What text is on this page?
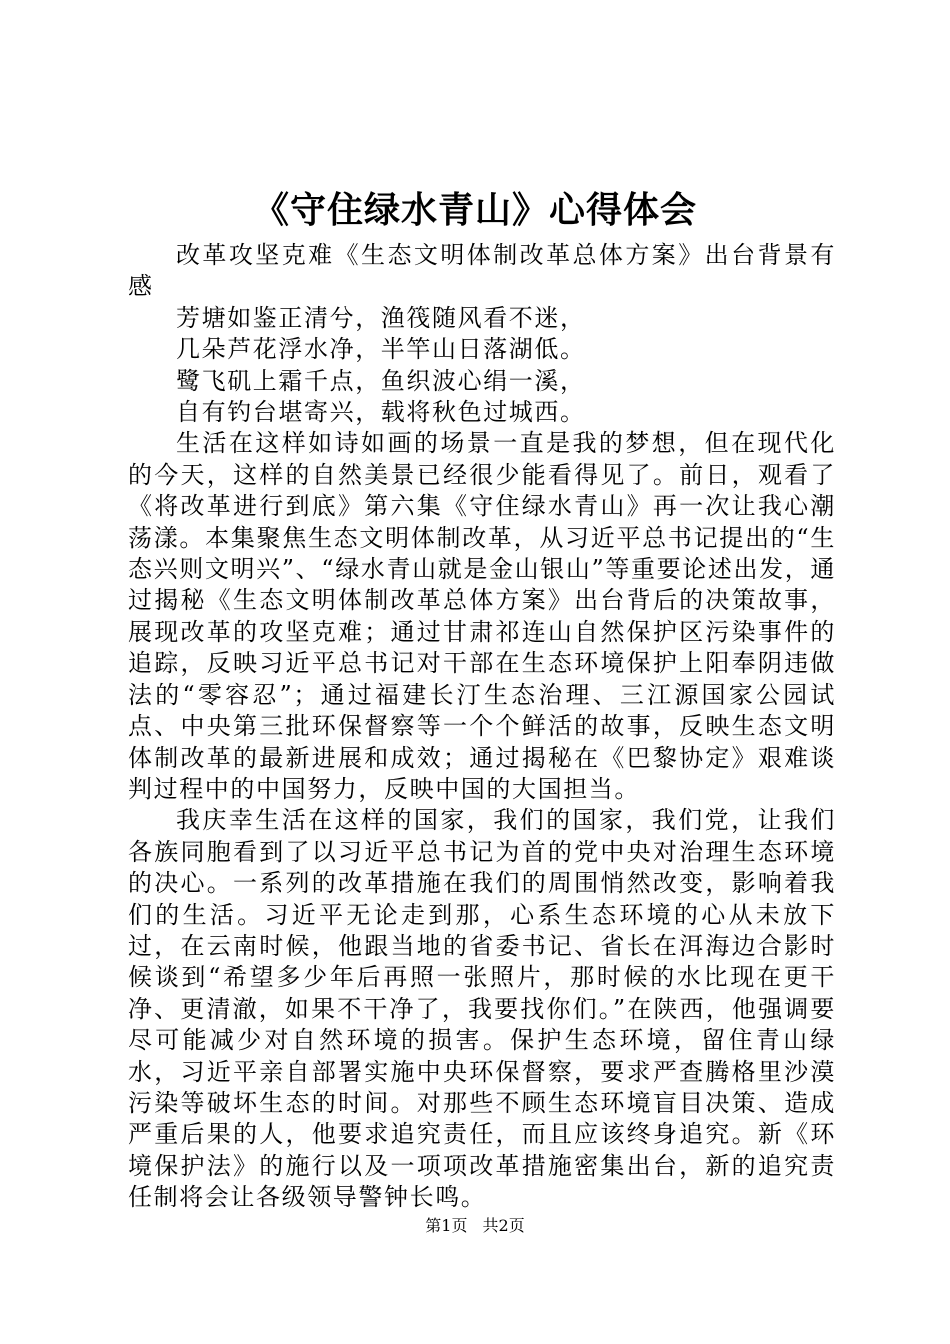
《守住绿水青山》心得体会

改革攻坚克难《生态文明体制改革总体方案》出台背景有感

芳塘如鉴正清兮，渔筏随风看不迷，

几朵芦花浮水净，半竿山日落湖低。

鹭飞矶上霜千点，鱼织波心绢一溪，

自有钓台堪寄兴，载将秋色过城西。

生活在这样如诗如画的场景一直是我的梦想，但在现代化的今天，这样的自然美景已经很少能看得见了。前日，观看了《将改革进行到底》第六集《守住绿水青山》再一次让我心潮荡漾。本集聚焦生态文明体制改革，从习近平总书记提出的“生态兴则文明兴”、“绿水青山就是金山银山”等重要论述出发，通过揭秘《生态文明体制改革总体方案》出台背后的决策故事，展现改革的攻坚克难；通过甘肃祁连山自然保护区污染事件的追踪，反映习近平总书记对干部在生态环境保护上阳奉阴违做法的“零容忍”；通过福建长汀生态治理、三江源国家公园试点、中央第三批环保督察等一个个鲜活的故事，反映生态文明体制改革的最新进展和成效；通过揭秘在《巴黎协定》艰难谈判过程中的中国努力，反映中国的大国担当。

我庆幸生活在这样的国家，我们的国家，我们党，让我们各族同胞看到了以习近平总书记为首的党中央对治理生态环境的决心。一系列的改革措施在我们的周围悄然改变，影响着我们的生活。习近平无论走到那，心系生态环境的心从未放下过，在云南时候，他跟当地的省委书记、省长在洱海边合影时候谈到“希望多少年后再照一张照片，那时候的水比现在更干净、更清澈，如果不干净了，我要找你们。”在陕西，他强调要尽可能减少对自然环境的损害。保护生态环境，留住青山绿水，习近平亲自部署实施中央环保督察，要求严查腾格里沙漠污染等破坏生态的时间。对那些不顾生态环境盲目决策、造成严重后果的人，他要求追究责任，而且应该终身追究。新《环境保护法》的施行以及一项项改革措施密集出台，新的追究责任制将会让各级领导警钟长鸣。

第1页 共2页
